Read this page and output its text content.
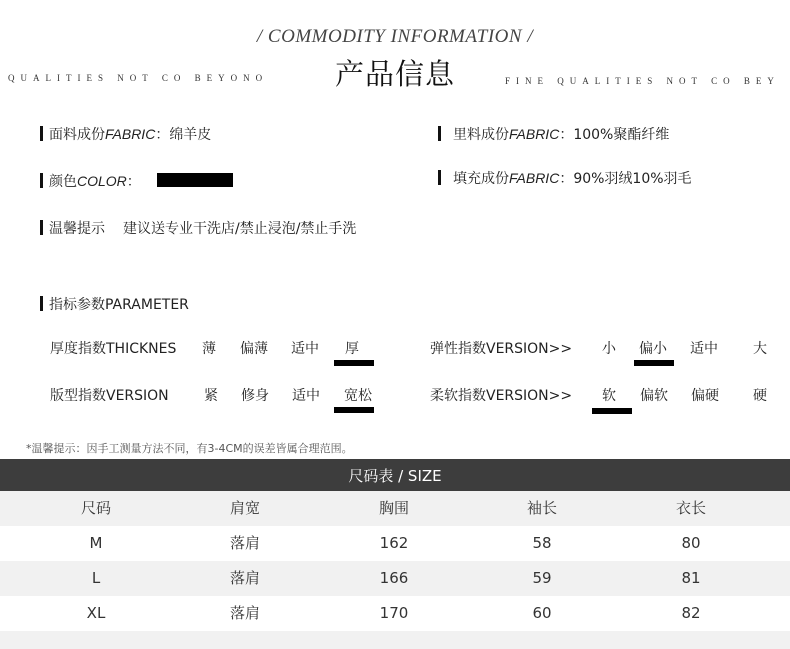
/ COMMODITY INFORMATION /
产品信息
QUALITIES NOT CO BEYONO	FINE QUALITIES NOT CO BEY
面料成份FABRIC：绵羊皮	里料成份FABRIC：100%聚酯纤维
颜色COLOR：	填充成份FABRIC：90%羽绒10%羽毛
温馨提示 建议送专业干洗店/禁止浸泡/禁止手洗
指标参数PARAMETER
厚度指数THICKNES 薄 偏薄 适中 厚	弹性指数VERSION>> 小 偏小 适中	大
版型指数VERSION	紧 修身 适中 宽松	柔软指数VERSION>> 软 偏软 偏硬 硬
*温馨提示：因手工测量方法不同，有3-4CM的误差皆属合理范围。
尺码表 / SIZE
尺码	肩宽	胸围	袖长	衣长
M	落肩	162	58	80
L	落肩	166	59	81
XL	落肩	170	60	82
